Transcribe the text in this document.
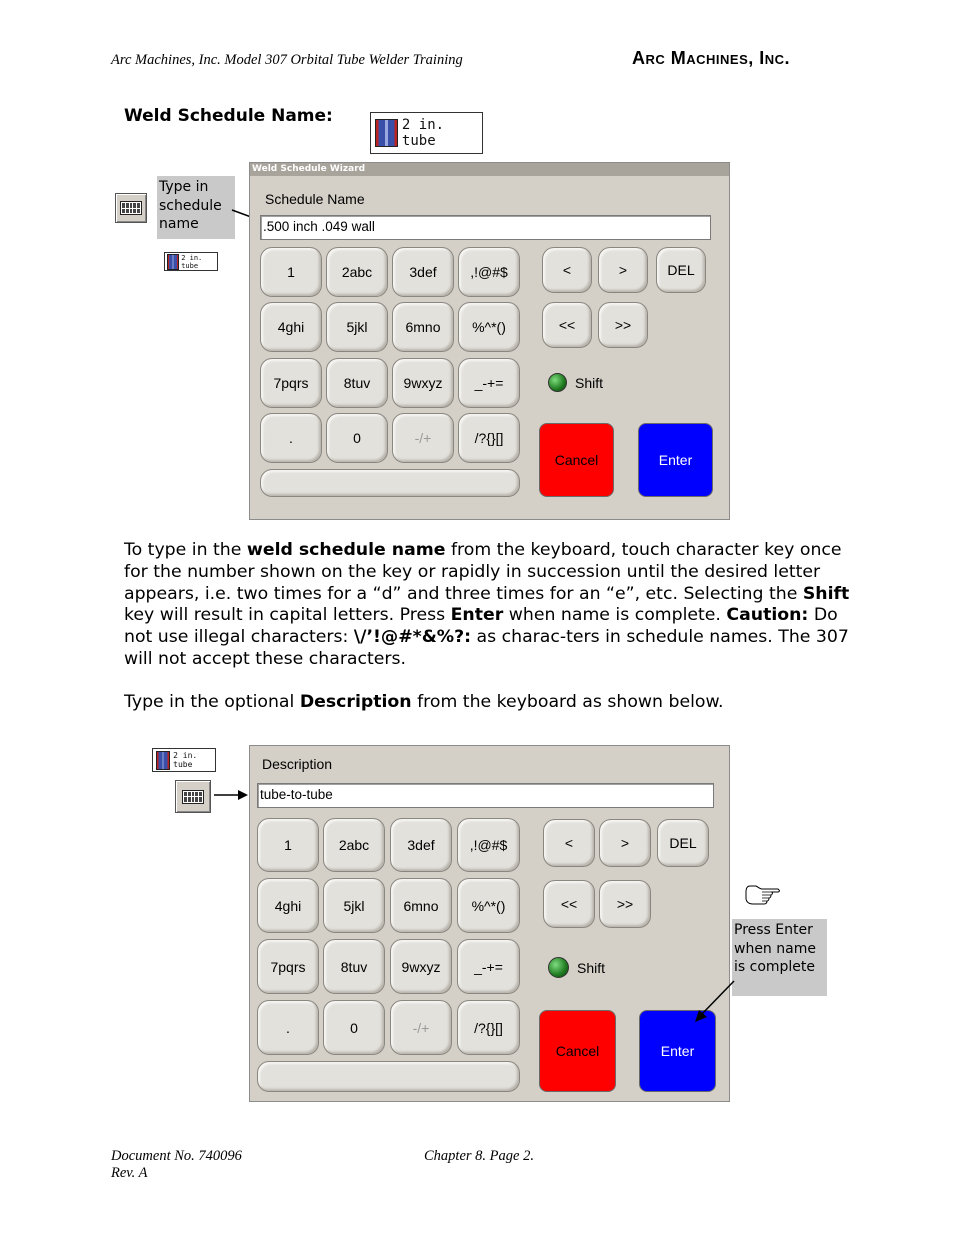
Arc Machines, Inc. Model 307 Orbital Tube Welder Training	Arc Machines, Inc.
Weld Schedule Name:	2 in. tube
2 in. tube
Type in schedule name
Weld Schedule Wizard
Schedule Name
.500 inch .049 wall
1	2abc	3def	,!@#$
4ghi	5jkl	6mno	%^*()
7pqrs	8tuv	9wxyz	_-+=
.	0	-/+	/?{}[]
<	>	DEL
<<	>>
Shift
Cancel	Enter
To type in the weld schedule name from the keyboard, touch character key once for the number shown on the key or rapidly in succession until the desired letter appears, i.e. two times for a “d” and three times for an “e”, etc. Selecting the Shift key will result in capital letters. Press Enter when name is complete. Caution: Do not use illegal characters: \/’!@#*&%?: as charac-ters in schedule names. The 307 will not accept these characters.
Type in the optional Description from the keyboard as shown below.
2 in. tube	Description
tube-to-tube
1	2abc	3def	,!@#$
4ghi	5jkl	6mno	%^*()
7pqrs	8tuv	9wxyz	_-+=
.	0	-/+	/?{}[]
<	>	DEL
<<	>>
Shift
Cancel	Enter
Press Enter when name is complete
Document No. 740096
Rev. A
Chapter 8. Page 2.
